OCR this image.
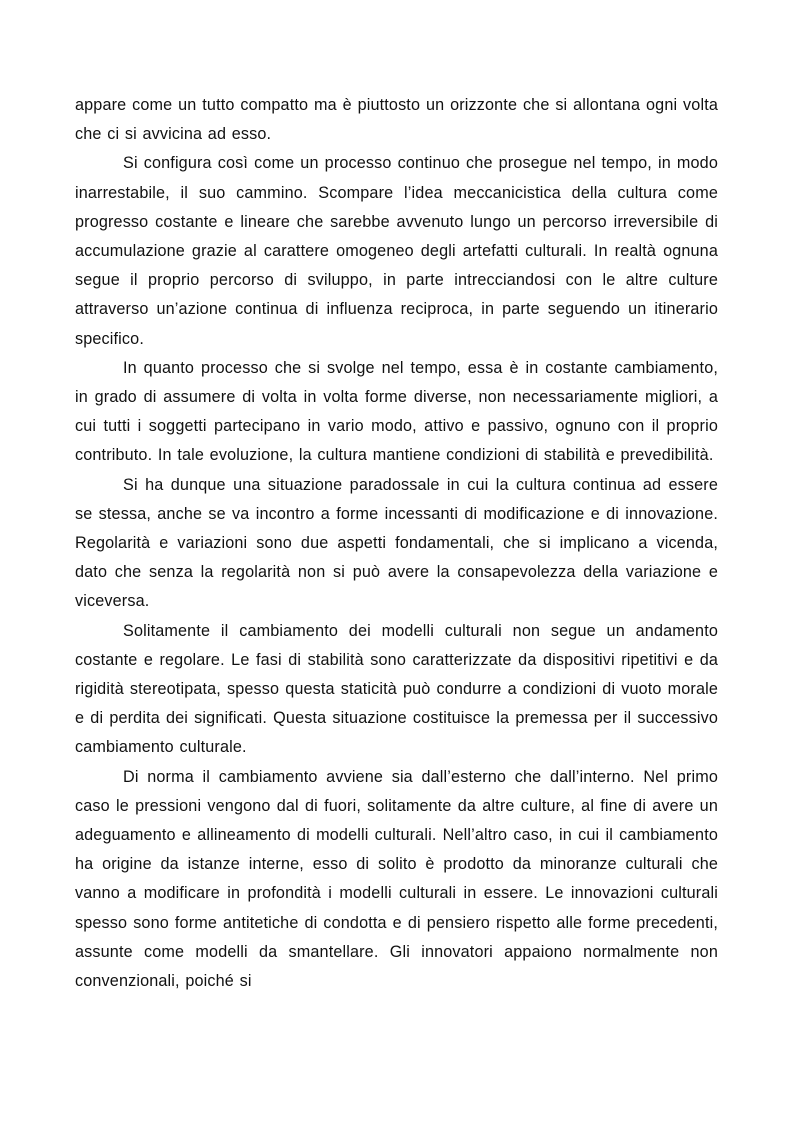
appare come un tutto compatto ma è piuttosto un orizzonte che si allontana ogni volta che ci si avvicina ad esso.

Si configura così come un processo continuo che prosegue nel tempo, in modo inarrestabile, il suo cammino. Scompare l’idea meccanicistica della cultura come progresso costante e lineare che sarebbe avvenuto lungo un percorso irreversibile di accumulazione grazie al carattere omogeneo degli artefatti culturali. In realtà ognuna segue il proprio percorso di sviluppo, in parte intrecciandosi con le altre culture attraverso un’azione continua di influenza reciproca, in parte seguendo un itinerario specifico.

In quanto processo che si svolge nel tempo, essa è in costante cambiamento, in grado di assumere di volta in volta forme diverse, non necessariamente migliori, a cui tutti i soggetti partecipano in vario modo, attivo e passivo, ognuno con il proprio contributo. In tale evoluzione, la cultura mantiene condizioni di stabilità e prevedibilità.

Si ha dunque una situazione paradossale in cui la cultura continua ad essere se stessa, anche se va incontro a forme incessanti di modificazione e di innovazione. Regolarità e variazioni sono due aspetti fondamentali, che si implicano a vicenda, dato che senza la regolarità non si può avere la consapevolezza della variazione e viceversa.

Solitamente il cambiamento dei modelli culturali non segue un andamento costante e regolare. Le fasi di stabilità sono caratterizzate da dispositivi ripetitivi e da rigidità stereotipata, spesso questa staticità può condurre a condizioni di vuoto morale e di perdita dei significati. Questa situazione costituisce la premessa per il successivo cambiamento culturale.

Di norma il cambiamento avviene sia dall’esterno che dall’interno. Nel primo caso le pressioni vengono dal di fuori, solitamente da altre culture, al fine di avere un adeguamento e allineamento di modelli culturali. Nell’altro caso, in cui il cambiamento ha origine da istanze interne, esso di solito è prodotto da minoranze culturali che vanno a modificare in profondità i modelli culturali in essere. Le innovazioni culturali spesso sono forme antitetiche di condotta e di pensiero rispetto alle forme precedenti, assunte come modelli da smantellare. Gli innovatori appaiono normalmente non convenzionali, poiché si
